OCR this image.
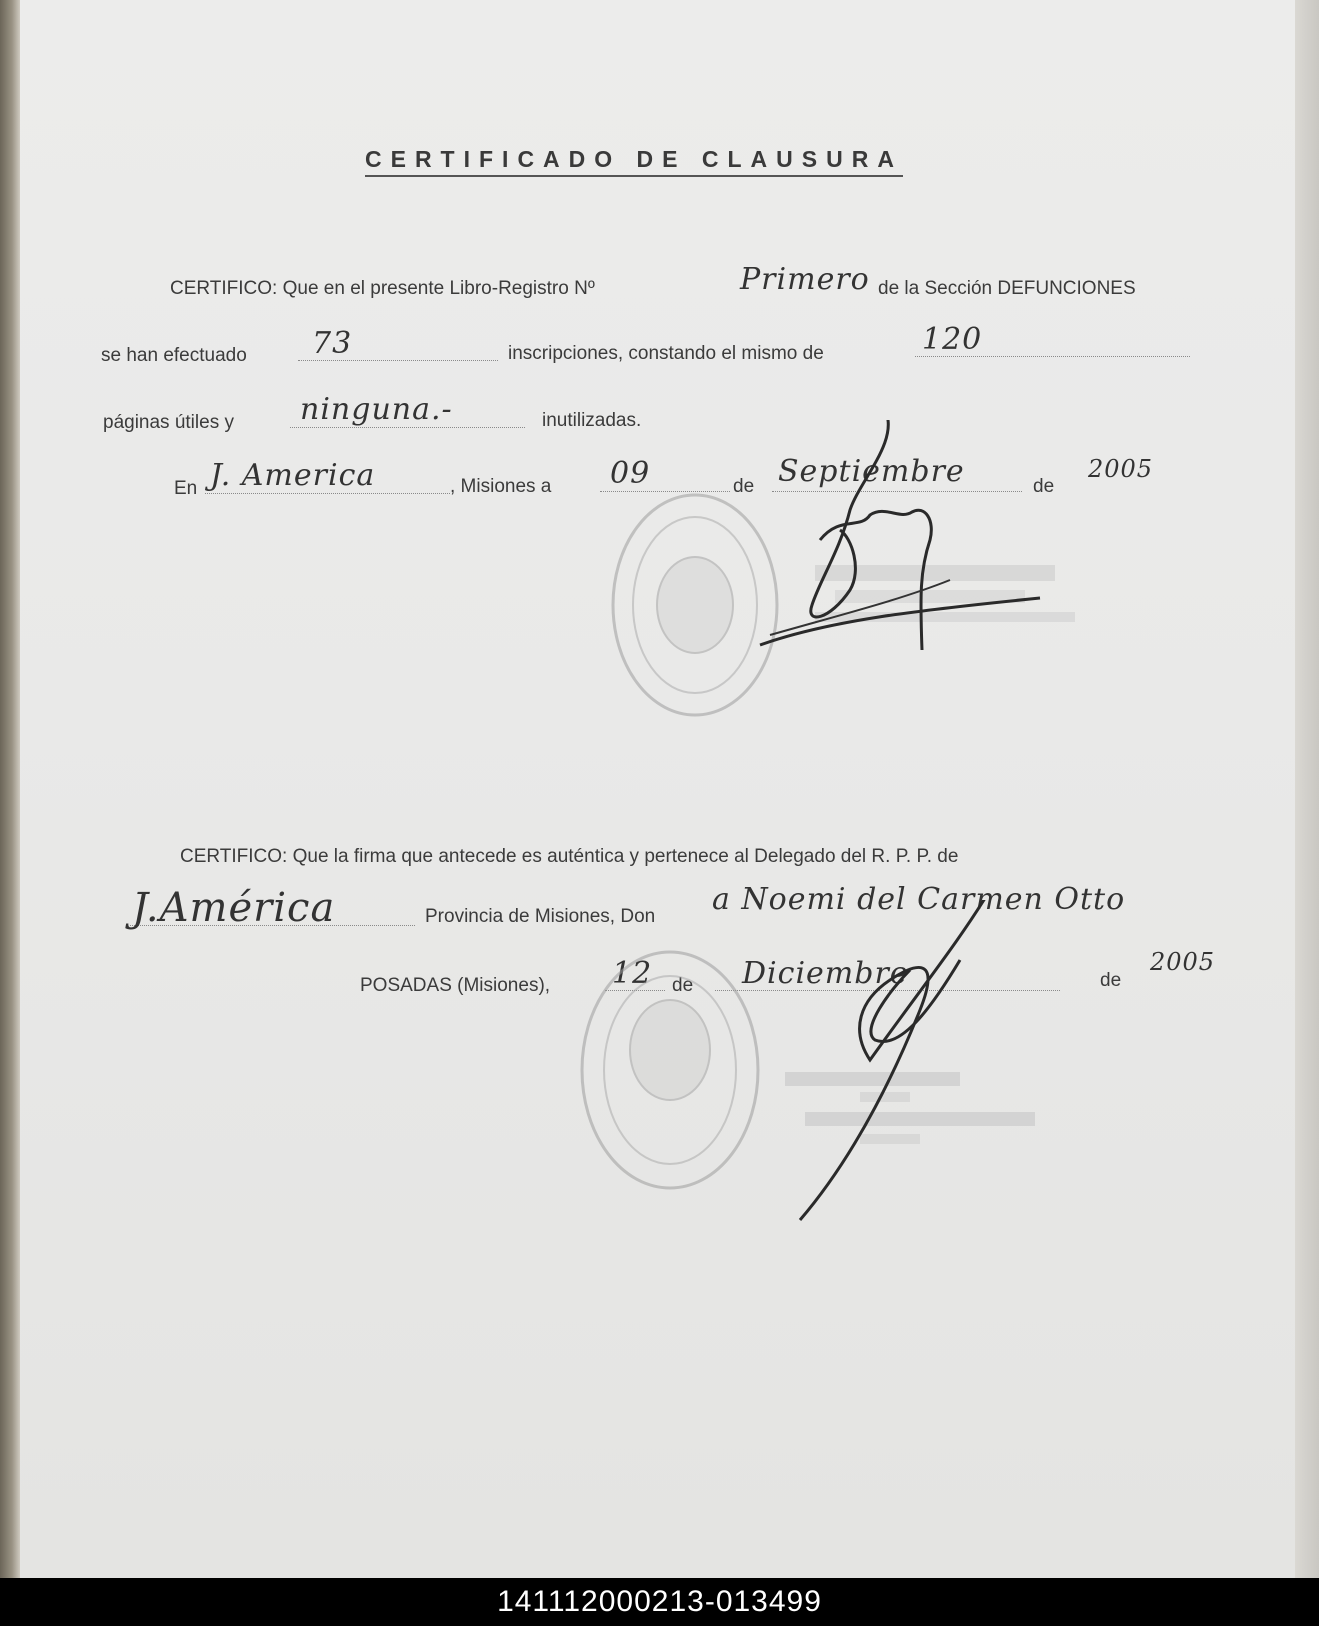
CERTIFICADO DE CLAUSURA
CERTIFICO: Que en el presente Libro-Registro Nº	Primero de la Sección DEFUNCIONES
se han efectuado 73	inscripciones, constando el mismo de	120
páginas útiles y ninguna.-	inutilizadas.
En J. America	, Misiones a 09	de Septiembre	de
2005
CERTIFICO: Que la firma que antecede es auténtica y pertenece al Delegado del R. P. P. de
J.América	Provincia de Misiones, Don a Noemi del Carmen Otto
POSADAS (Misiones), 12 de Diciembre	de
2005
141112000213-013499
